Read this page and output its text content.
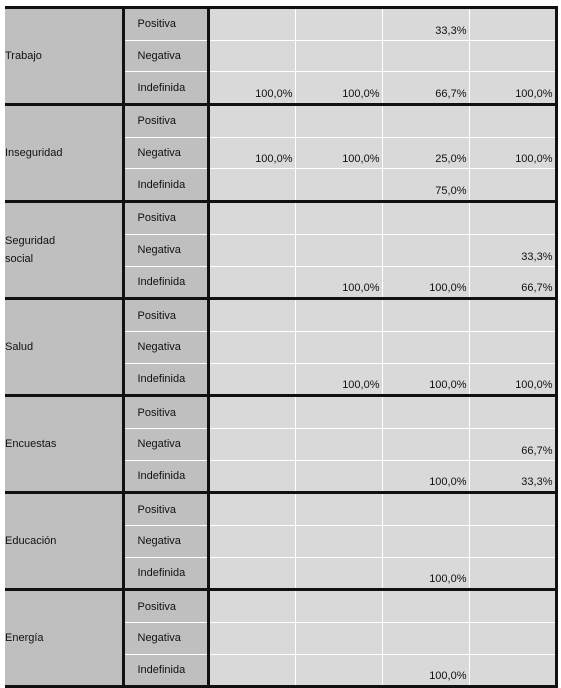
Trabajo	Positiva			33,3%	
	Negativa				
	Indefinida	100,0%	100,0%	66,7%	100,0%

Inseguridad	Positiva				
	Negativa	100,0%	100,0%	25,0%	100,0%
	Indefinida			75,0%	

Seguridad
social	Positiva				
	Negativa				33,3%
	Indefinida		100,0%	100,0%	66,7%

Salud	Positiva				
	Negativa				
	Indefinida		100,0%	100,0%	100,0%

Encuestas	Positiva				
	Negativa				66,7%
	Indefinida			100,0%	33,3%

Educación	Positiva				
	Negativa				
	Indefinida			100,0%	

Energía	Positiva				
	Negativa				
	Indefinida			100,0%	
